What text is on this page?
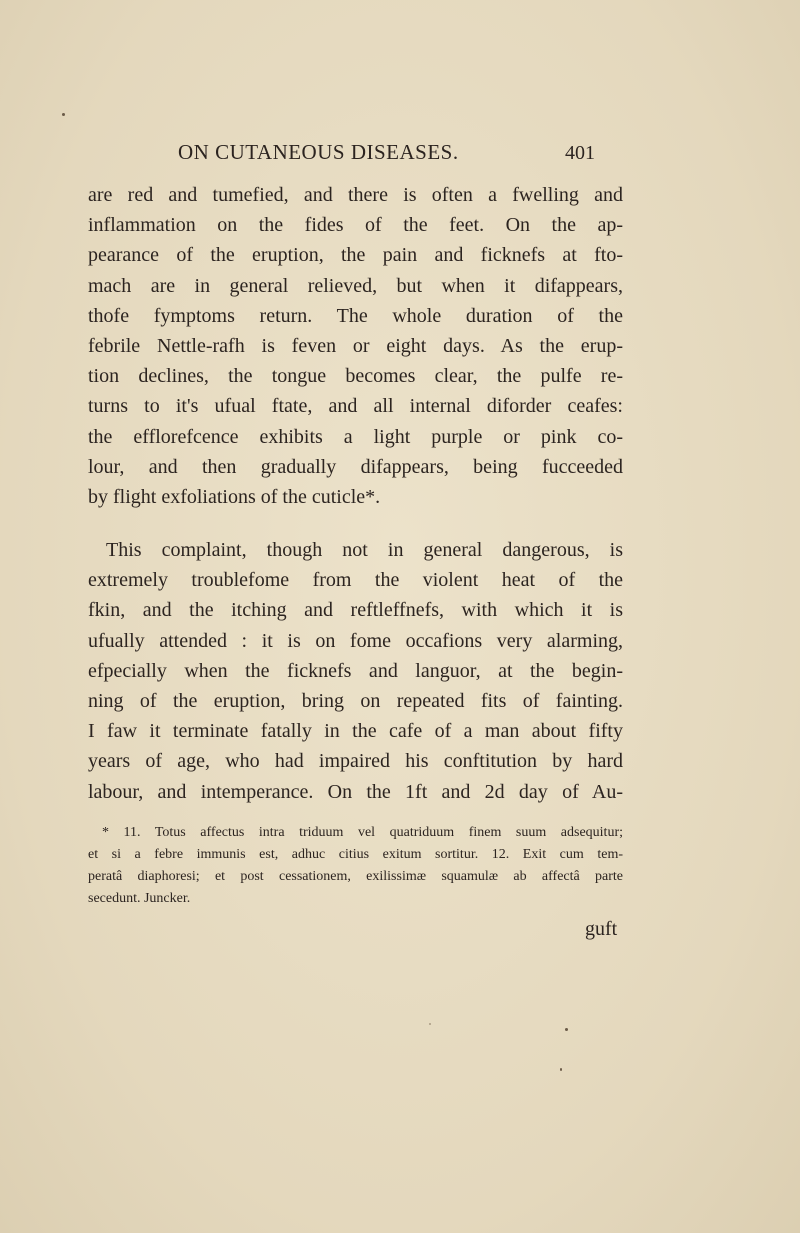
ON CUTANEOUS DISEASES.	401
are red and tumefied, and there is often a fwelling and
inflammation on the fides of the feet. On the ap-
pearance of the eruption, the pain and ficknefs at fto-
mach are in general relieved, but when it difappears,
thofe fymptoms return. The whole duration of the
febrile Nettle-rafh is feven or eight days. As the erup-
tion declines, the tongue becomes clear, the pulfe re-
turns to it's ufual ftate, and all internal diforder ceafes:
the efflorefcence exhibits a light purple or pink co-
lour, and then gradually difappears, being fucceeded
by flight exfoliations of the cuticle*.
This complaint, though not in general dangerous, is
extremely troublefome from the violent heat of the
fkin, and the itching and reftleffnefs, with which it is
ufually attended : it is on fome occafions very alarming,
efpecially when the ficknefs and languor, at the begin-
ning of the eruption, bring on repeated fits of fainting.
I faw it terminate fatally in the cafe of a man about fifty
years of age, who had impaired his conftitution by hard
labour, and intemperance. On the 1ft and 2d day of Au-
* 11. Totus affectus intra triduum vel quatriduum finem suum adsequitur;
et si a febre immunis est, adhuc citius exitum sortitur. 12. Exit cum tem-
peratâ diaphoresi; et post cessationem, exilissimæ squamulæ ab affectâ parte
secedunt. Juncker.
guft
